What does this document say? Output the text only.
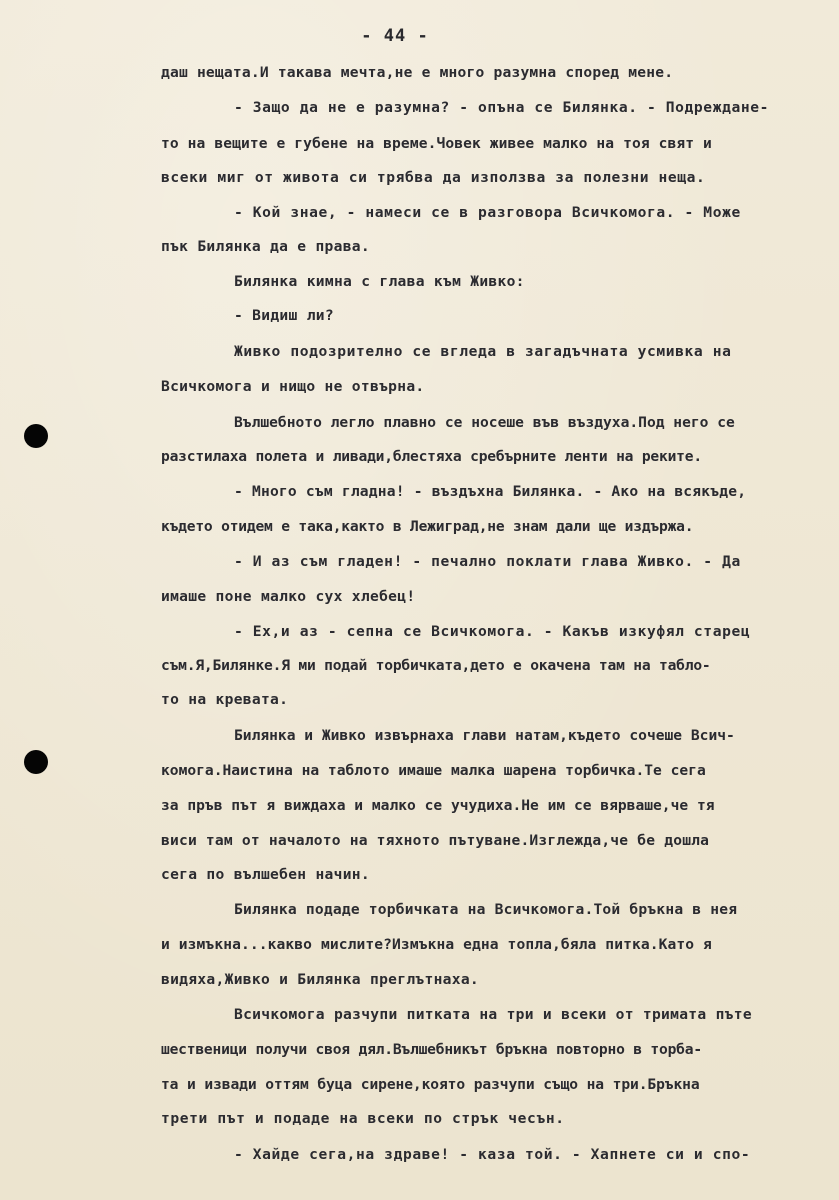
- 44 -
даш нещата.И такава мечта,не е много разумна според мене.
- Защо да не е разумна? - опъна се Билянка. - Подреждане-
то на вещите е губене на време.Човек живее малко на тоя свят и
всеки миг от живота си трябва да използва за полезни неща.
- Кой знае, - намеси се в разговора Всичкомога. - Може
пък Билянка да е права.
Билянка кимна с глава към Живко:
- Видиш ли?
Живко подозрително се вгледа в загадъчната усмивка на
Всичкомога и нищо не отвърна.
Вълшебното легло плавно се носеше във въздуха.Под него се
разстилаха полета и ливади,блестяха сребърните ленти на реките.
- Много съм гладна! - въздъхна Билянка. - Ако на всякъде,
където отидем е така,както в Лежиград,не знам дали ще издържа.
- И аз съм гладен! - печално поклати глава Живко. - Да
имаше поне малко сух хлебец!
- Ех,и аз - сепна се Всичкомога. - Какъв изкуфял старец
съм.Я,Билянке.Я ми подай торбичката,дето е окачена там на табло-
то на кревата.
Билянка и Живко извърнаха глави натам,където сочеше Всич-
комога.Наистина на таблото имаше малка шарена торбичка.Те сега
за пръв път я виждаха и малко се учудиха.Не им се вярваше,че тя
виси там от началото на тяхното пътуване.Изглежда,че бе дошла
сега по вълшебен начин.
Билянка подаде торбичката на Всичкомога.Той бръкна в нея
и измъкна...какво мислите?Измъкна една топла,бяла питка.Като я
видяха,Живко и Билянка преглътнаха.
Всичкомога разчупи питката на три и всеки от тримата пъте
шественици получи своя дял.Вълшебникът бръкна повторно в торба-
та и извади оттям буца сирене,която разчупи също на три.Бръкна
трети път и подаде на всеки по стрък чесън.
- Хайде сега,на здраве! - каза той. - Хапнете си и спо-
